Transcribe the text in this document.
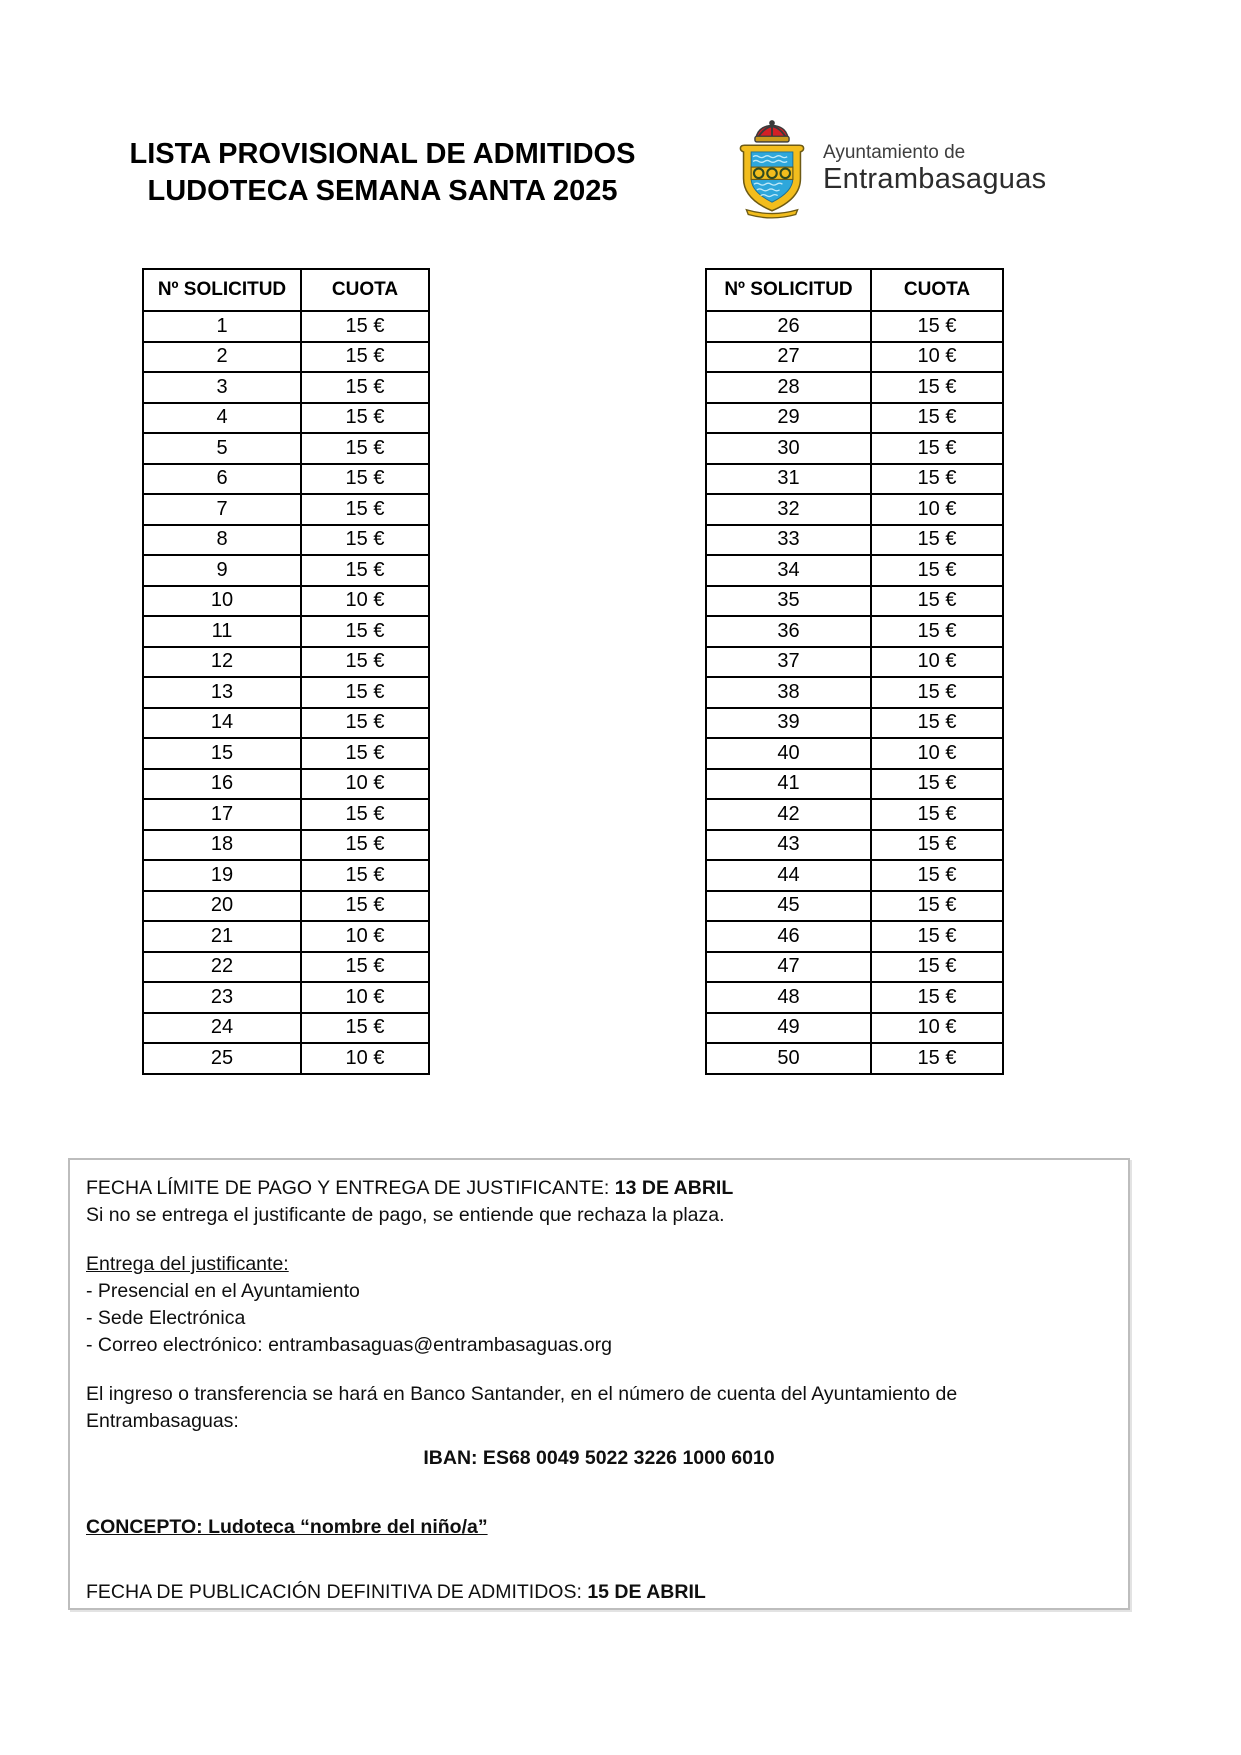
LISTA PROVISIONAL DE ADMITIDOS
LUDOTECA SEMANA SANTA 2025
Ayuntamiento de
Entrambasaguas
Nº SOLICITUD	CUOTA
1	15 €
2	15 €
3	15 €
4	15 €
5	15 €
6	15 €
7	15 €
8	15 €
9	15 €
10	10 €
11	15 €
12	15 €
13	15 €
14	15 €
15	15 €
16	10 €
17	15 €
18	15 €
19	15 €
20	15 €
21	10 €
22	15 €
23	10 €
24	15 €
25	10 €
Nº SOLICITUD	CUOTA
26	15 €
27	10 €
28	15 €
29	15 €
30	15 €
31	15 €
32	10 €
33	15 €
34	15 €
35	15 €
36	15 €
37	10 €
38	15 €
39	15 €
40	10 €
41	15 €
42	15 €
43	15 €
44	15 €
45	15 €
46	15 €
47	15 €
48	15 €
49	10 €
50	15 €

FECHA LÍMITE DE PAGO Y ENTREGA DE JUSTIFICANTE: 13 DE ABRIL

Si no se entrega el justificante de pago, se entiende que rechaza la plaza.

Entrega del justificante:

- Presencial en el Ayuntamiento

- Sede Electrónica

- Correo electrónico: entrambasaguas@entrambasaguas.org

El ingreso o transferencia se hará en Banco Santander, en el número de cuenta del Ayuntamiento de Entrambasaguas:

IBAN: ES68 0049 5022 3226 1000 6010

CONCEPTO: Ludoteca “nombre del niño/a”

FECHA DE PUBLICACIÓN DEFINITIVA DE ADMITIDOS: 15 DE ABRIL
